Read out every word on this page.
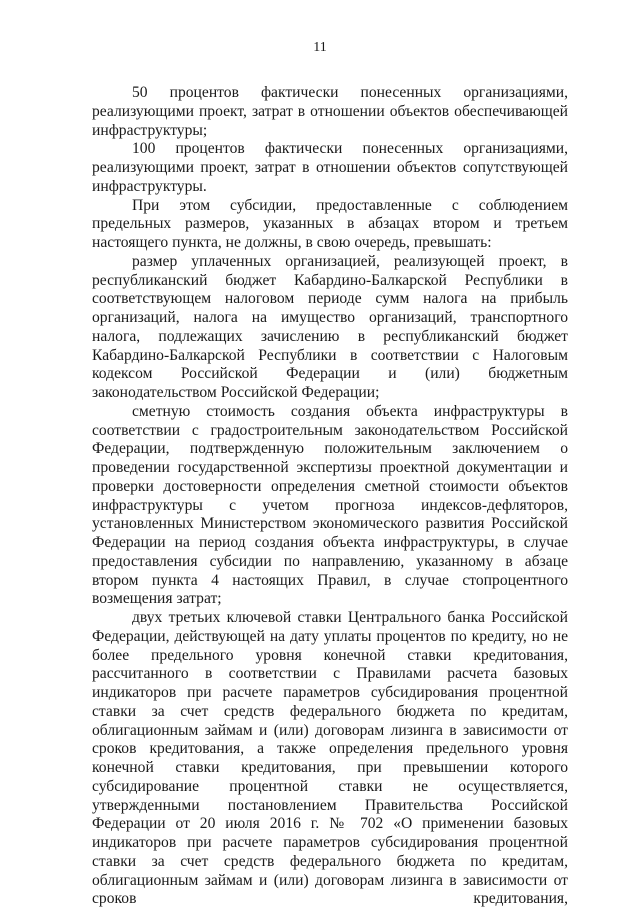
11

50 процентов фактически понесенных организациями, реализующими проект, затрат в отношении объектов обеспечивающей инфраструктуры;

100 процентов фактически понесенных организациями, реализующими проект, затрат в отношении объектов сопутствующей инфраструктуры.

При этом субсидии, предоставленные с соблюдением предельных размеров, указанных в абзацах втором и третьем настоящего пункта, не должны, в свою очередь, превышать:

размер уплаченных организацией, реализующей проект, в республиканский бюджет Кабардино-Балкарской Республики в соответствующем налоговом периоде сумм налога на прибыль организаций, налога на имущество организаций, транспортного налога, подлежащих зачислению в республиканский бюджет Кабардино-Балкарской Республики в соответствии с Налоговым кодексом Российской Федерации и (или) бюджетным законодательством Российской Федерации;

сметную стоимость создания объекта инфраструктуры в соответствии с градостроительным законодательством Российской Федерации, подтвержденную положительным заключением о проведении государственной экспертизы проектной документации и проверки достоверности определения сметной стоимости объектов инфраструктуры с учетом прогноза индексов-дефляторов, установленных Министерством экономического развития Российской Федерации на период создания объекта инфраструктуры, в случае предоставления субсидии по направлению, указанному в абзаце втором пункта 4 настоящих Правил, в случае стопроцентного возмещения затрат;

двух третьих ключевой ставки Центрального банка Российской Федерации, действующей на дату уплаты процентов по кредиту, но не более предельного уровня конечной ставки кредитования, рассчитанного в соответствии с Правилами расчета базовых индикаторов при расчете параметров субсидирования процентной ставки за счет средств федерального бюджета по кредитам, облигационным займам и (или) договорам лизинга в зависимости от сроков кредитования, а также определения предельного уровня конечной ставки кредитования, при превышении которого субсидирование процентной ставки не осуществляется, утвержденными постановлением Правительства Российской Федерации от 20 июля 2016 г. № 702 «О применении базовых индикаторов при расчете параметров субсидирования процентной ставки за счет средств федерального бюджета по кредитам, облигационным займам и (или) договорам лизинга в зависимости от сроков кредитования,
